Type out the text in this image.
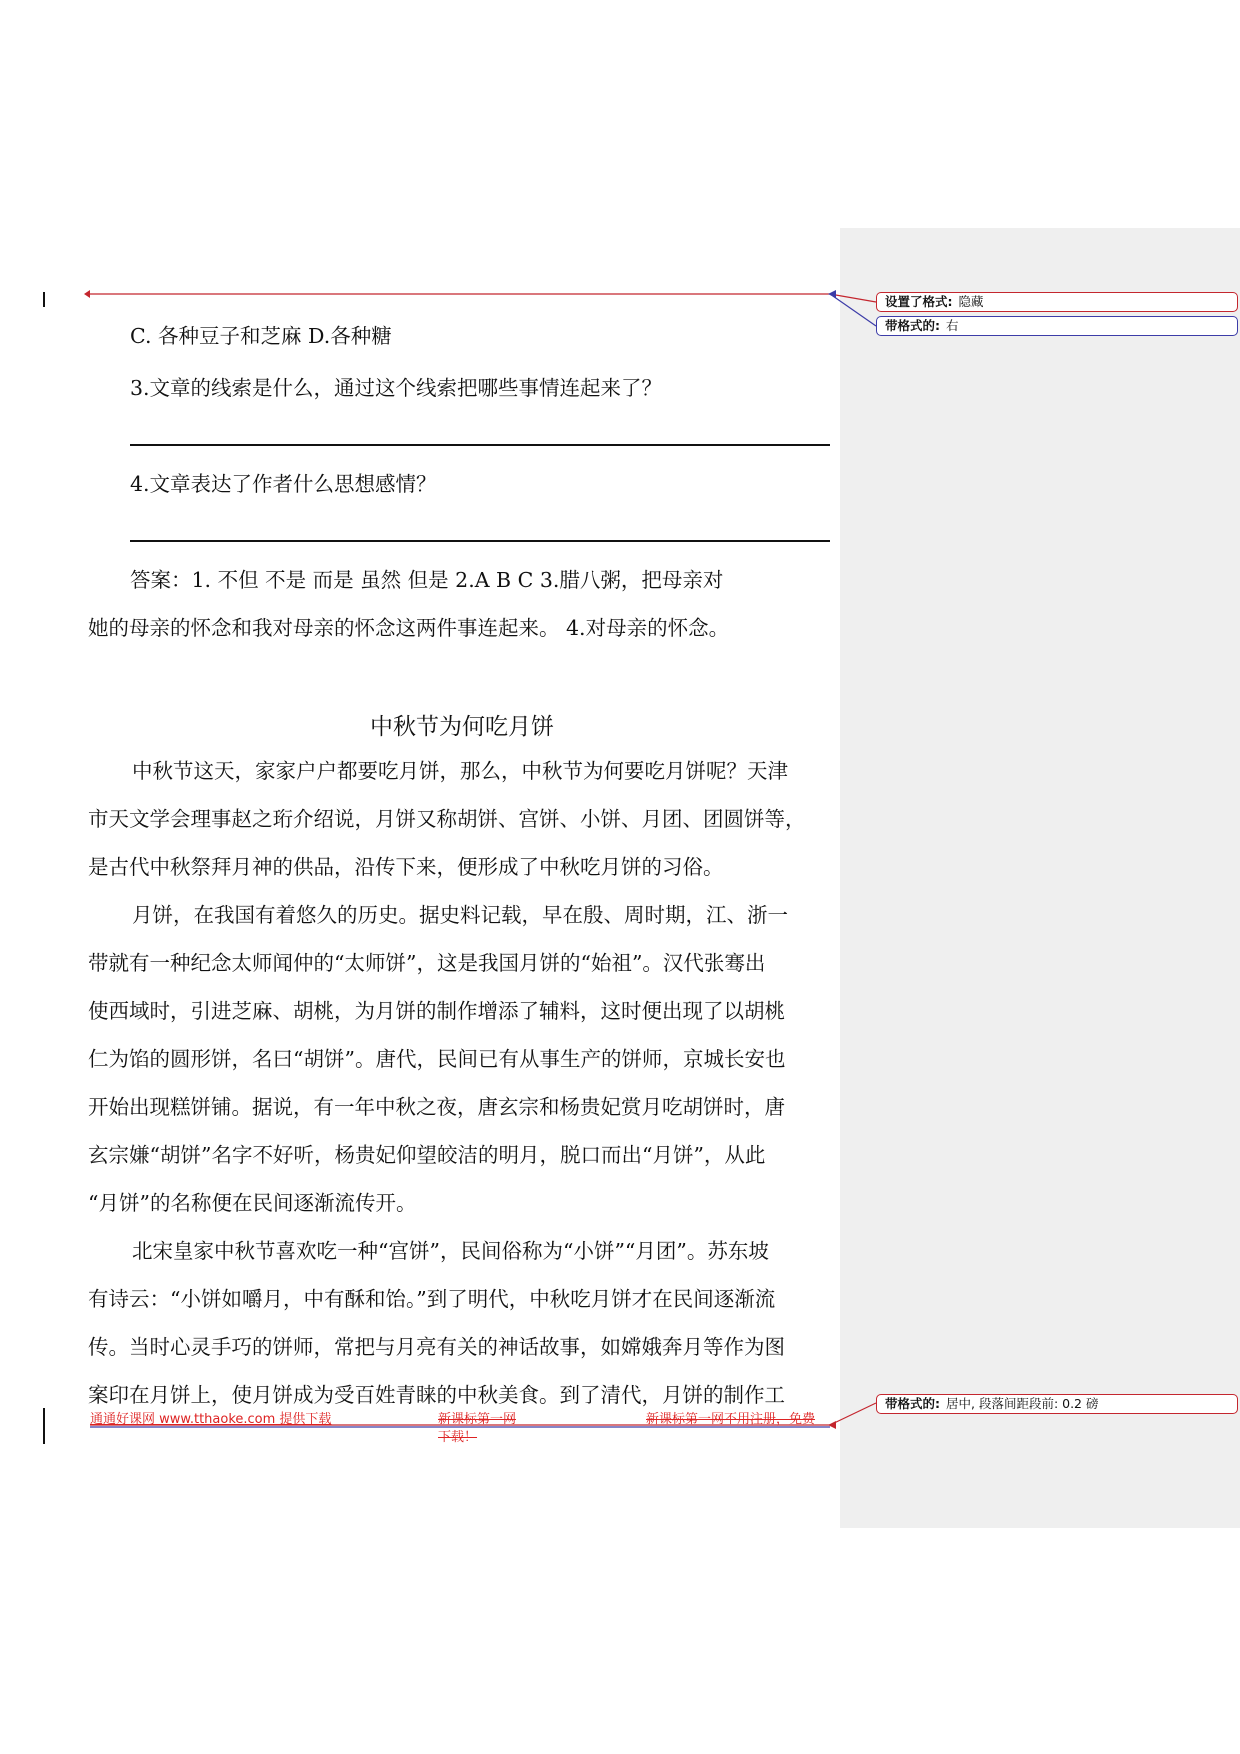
C. 各种豆子和芝麻 D.各种糖
3.文章的线索是什么，通过这个线索把哪些事情连起来了？
4.文章表达了作者什么思想感情？
答案：1. 不但 不是 而是 虽然 但是 2.A B C 3.腊八粥，把母亲对
她的母亲的怀念和我对母亲的怀念这两件事连起来。 4.对母亲的怀念。
中秋节为何吃月饼
中秋节这天，家家户户都要吃月饼，那么，中秋节为何要吃月饼呢？天津
市天文学会理事赵之珩介绍说，月饼又称胡饼、宫饼、小饼、月团、团圆饼等，
是古代中秋祭拜月神的供品，沿传下来，便形成了中秋吃月饼的习俗。
月饼，在我国有着悠久的历史。据史料记载，早在殷、周时期，江、浙一
带就有一种纪念太师闻仲的“太师饼”，这是我国月饼的“始祖”。汉代张骞出
使西域时，引进芝麻、胡桃，为月饼的制作增添了辅料，这时便出现了以胡桃
仁为馅的圆形饼，名曰“胡饼”。唐代，民间已有从事生产的饼师，京城长安也
开始出现糕饼铺。据说，有一年中秋之夜，唐玄宗和杨贵妃赏月吃胡饼时，唐
玄宗嫌“胡饼”名字不好听，杨贵妃仰望皎洁的明月，脱口而出“月饼”，从此
“月饼”的名称便在民间逐渐流传开。
北宋皇家中秋节喜欢吃一种“宫饼”，民间俗称为“小饼”“月团”。苏东坡
有诗云：“小饼如嚼月，中有酥和饴。”到了明代，中秋吃月饼才在民间逐渐流
传。当时心灵手巧的饼师，常把与月亮有关的神话故事，如嫦娥奔月等作为图
案印在月饼上，使月饼成为受百姓青睐的中秋美食。到了清代，月饼的制作工
通通好课网 www.tthaoke.com 提供下载	新课标第一网
下载！
新课标第一网不用注册，免费
设置了格式: 隐藏
带格式的: 右
带格式的: 居中, 段落间距段前: 0.2 磅
